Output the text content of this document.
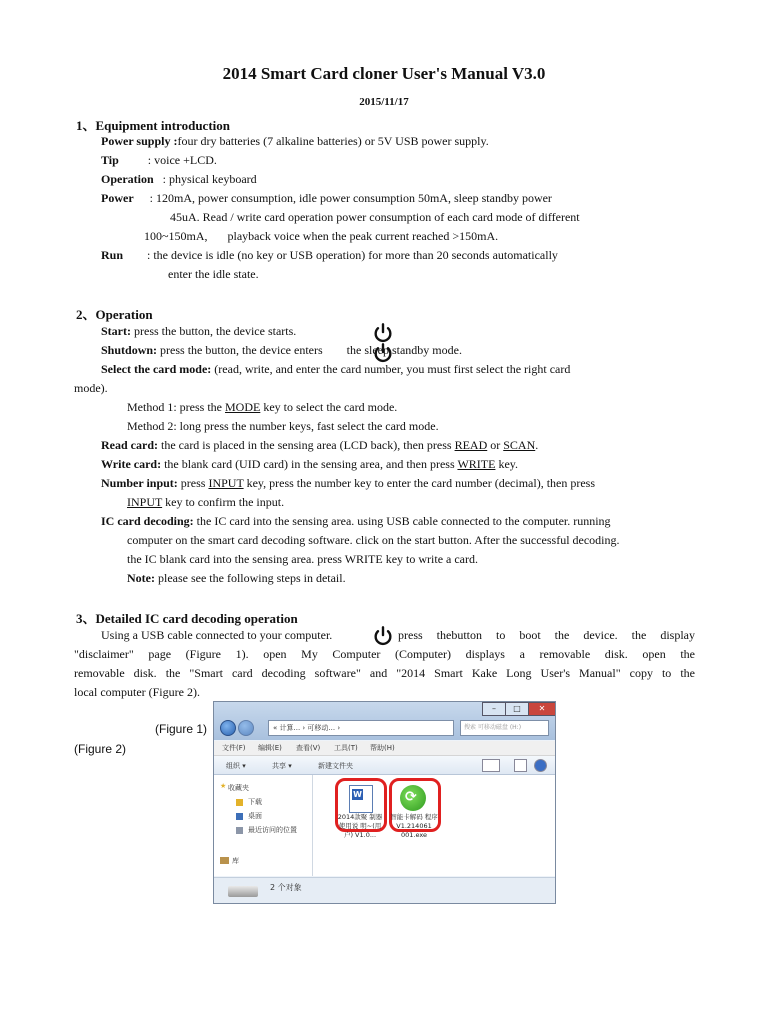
2014 Smart Card cloner User's Manual V3.0
2015/11/17
1、Equipment introduction
Power supply :four dry batteries (7 alkaline batteries) or 5V USB power supply.
Tip : voice +LCD.
Operation : physical keyboard
Power : 120mA, power consumption, idle power consumption 50mA, sleep standby power
45uA. Read / write card operation power consumption of each card mode of different
100~150mA, playback voice when the peak current reached >150mA.
Run : the device is idle (no key or USB operation) for more than 20 seconds automatically
enter the idle state.
2、Operation
Start: press the button, the device starts.
Shutdown: press the button, the device enters the sleep standby mode.
Select the card mode: (read, write, and enter the card number, you must first select the right card
mode).
Method 1: press the MODE key to select the card mode.
Method 2: long press the number keys, fast select the card mode.
Read card: the card is placed in the sensing area (LCD back), then press READ or SCAN.
Write card: the blank card (UID card) in the sensing area, and then press WRITE key.
Number input: press INPUT key, press the number key to enter the card number (decimal), then press
INPUT key to confirm the input.
IC card decoding: the IC card into the sensing area. using USB cable connected to the computer. running
computer on the smart card decoding software. click on the start button. After the successful decoding.
the IC blank card into the sensing area. press WRITE key to write a card.
Note: please see the following steps in detail.
3、Detailed IC card decoding operation
Using a USB cable connected to your computer.	press thebutton to boot the device. the display
"disclaimer" page (Figure 1). open My Computer (Computer) displays a removable disk. open the
removable disk. the "Smart card decoding software" and "2014 Smart Kake Long User's Manual" copy to the
local computer (Figure 2).
(Figure 1)
(Figure 2)
–	□	✕
« 计算... › 可移动... ›	搜索 可移动磁盘 (H:)
文件(F) 编辑(E) 查看(V) 工具(T) 帮助(H)
组织 ▾	共享 ▾	新建文件夹
★ 收藏夹
下载
桌面
最近访问的位置
库
W
2014款聚 制器使用说 明~(用 户) V1.0...
⟳
智能卡解码 程序 V1.214061 001.exe
2 个对象
